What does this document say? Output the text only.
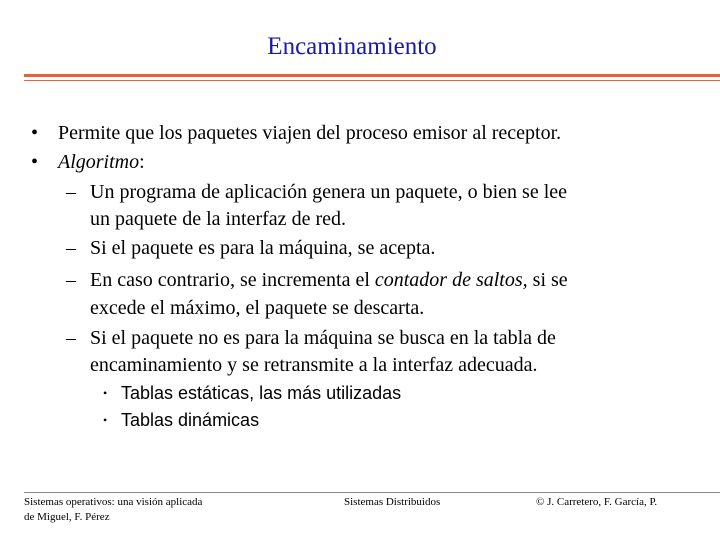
Encaminamiento
• Permite que los paquetes viajen del proceso emisor al receptor.
• Algoritmo:
– Un programa de aplicación genera un paquete, o bien se lee
un paquete de la interfaz de red.
– Si el paquete es para la máquina, se acepta.
– En caso contrario, se incrementa el contador de saltos, si se
excede el máximo, el paquete se descarta.
– Si el paquete no es para la máquina se busca en la tabla de
encaminamiento y se retransmite a la interfaz adecuada.
• Tablas estáticas, las más utilizadas
• Tablas dinámicas
Sistemas operativos: una visión aplicada
de Miguel, F. Pérez
Sistemas Distribuidos	© J. Carretero, F. García, P.
